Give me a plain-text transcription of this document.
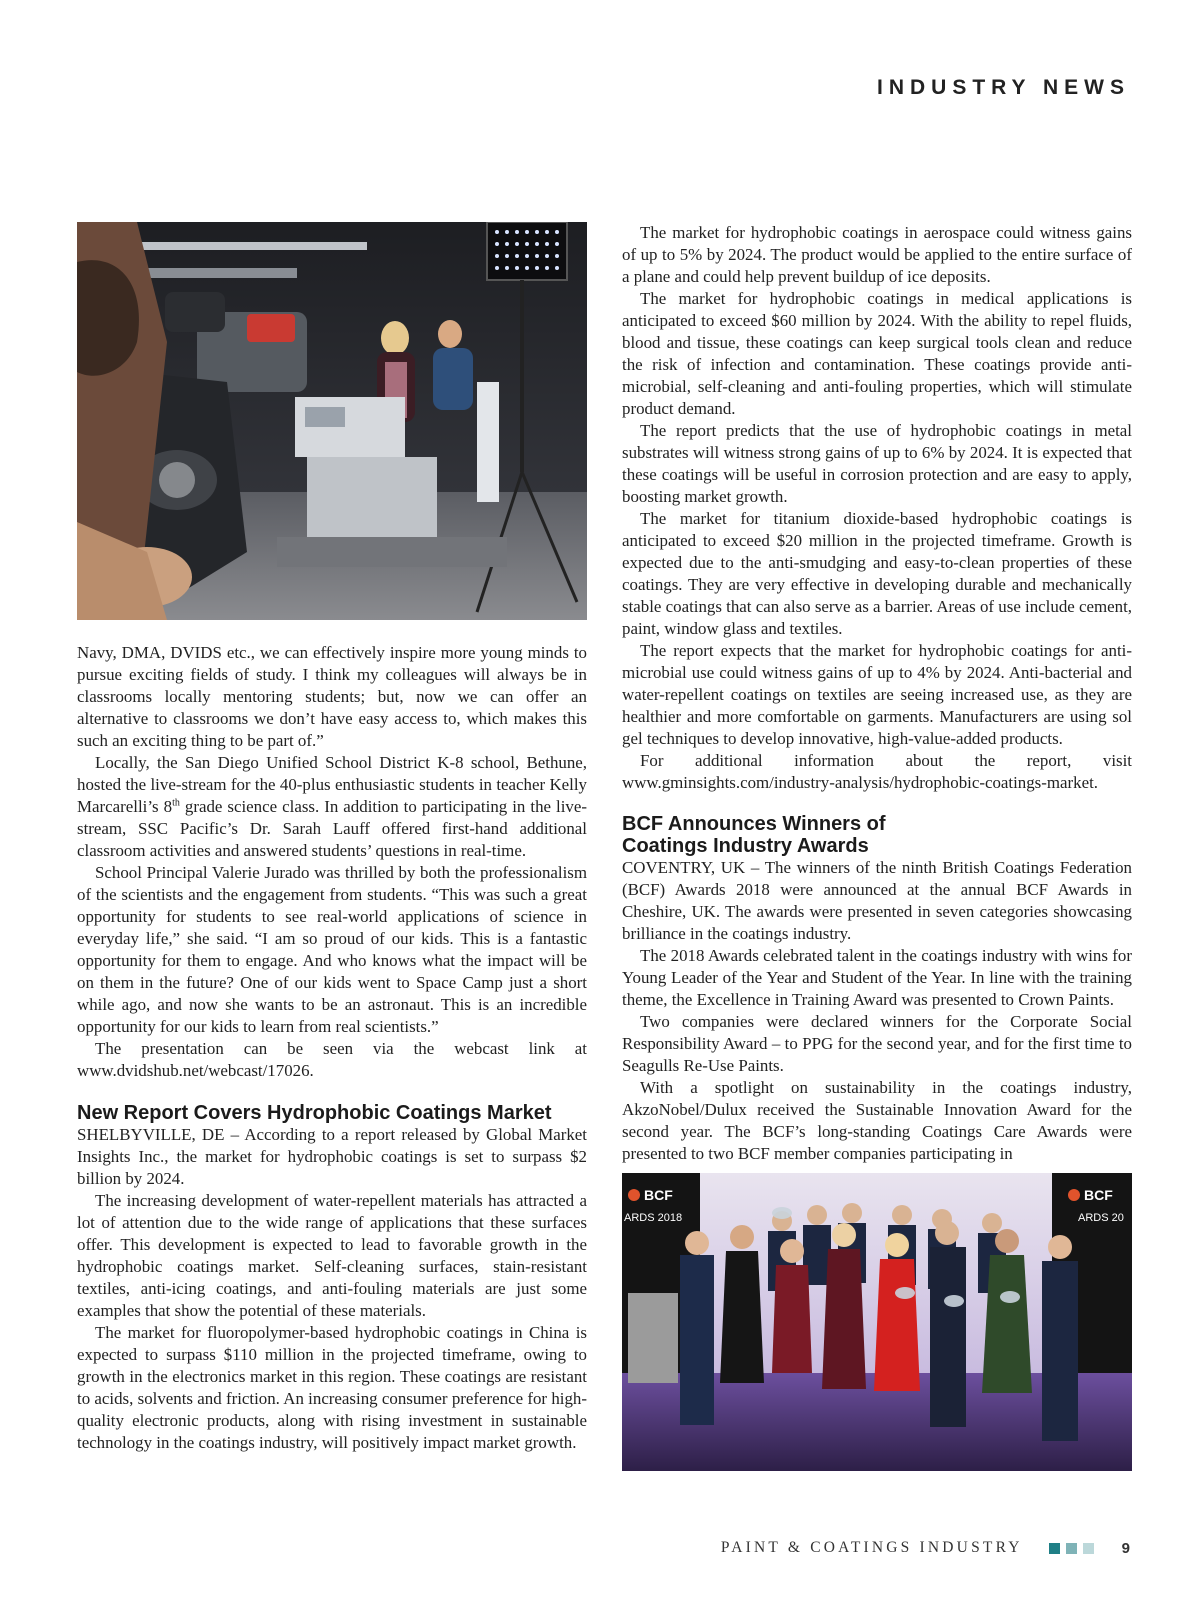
INDUSTRY NEWS

Navy, DMA, DVIDS etc., we can effectively inspire more young minds to pursue exciting fields of study. I think my colleagues will always be in classrooms locally mentoring students; but, now we can offer an alternative to classrooms we don’t have easy access to, which makes this such an exciting thing to be part of.”

Locally, the San Diego Unified School District K-8 school, Bethune, hosted the live-stream for the 40-plus enthusiastic students in teacher Kelly Marcarelli’s 8th grade science class. In addition to participating in the live-stream, SSC Pacific’s Dr. Sarah Lauff offered first-hand additional classroom activities and answered students’ questions in real-time.

School Principal Valerie Jurado was thrilled by both the professionalism of the scientists and the engagement from students. “This was such a great opportunity for students to see real-world applications of science in everyday life,” she said. “I am so proud of our kids. This is a fantastic opportunity for them to engage. And who knows what the impact will be on them in the future? One of our kids went to Space Camp just a short while ago, and now she wants to be an astronaut. This is an incredible opportunity for our kids to learn from real scientists.”

The presentation can be seen via the webcast link at www.dvidshub.net/webcast/17026.

New Report Covers Hydrophobic Coatings Market

SHELBYVILLE, DE – According to a report released by Global Market Insights Inc., the market for hydrophobic coatings is set to surpass $2 billion by 2024.

The increasing development of water-repellent materials has attracted a lot of attention due to the wide range of applications that these surfaces offer. This development is expected to lead to favorable growth in the hydrophobic coatings market. Self-cleaning surfaces, stain-resistant textiles, anti-icing coatings, and anti-fouling materials are just some examples that show the potential of these materials.

The market for fluoropolymer-based hydrophobic coatings in China is expected to surpass $110 million in the projected timeframe, owing to growth in the electronics market in this region. These coatings are resistant to acids, solvents and friction. An increasing consumer preference for high-quality electronic products, along with rising investment in sustainable technology in the coatings industry, will positively impact market growth.

The market for hydrophobic coatings in aerospace could witness gains of up to 5% by 2024. The product would be applied to the entire surface of a plane and could help prevent buildup of ice deposits.

The market for hydrophobic coatings in medical applications is anticipated to exceed $60 million by 2024. With the ability to repel fluids, blood and tissue, these coatings can keep surgical tools clean and reduce the risk of infection and contamination. These coatings provide anti-microbial, self-cleaning and anti-fouling properties, which will stimulate product demand.

The report predicts that the use of hydrophobic coatings in metal substrates will witness strong gains of up to 6% by 2024. It is expected that these coatings will be useful in corrosion protection and are easy to apply, boosting market growth.

The market for titanium dioxide-based hydrophobic coatings is anticipated to exceed $20 million in the projected timeframe. Growth is expected due to the anti-smudging and easy-to-clean properties of these coatings. They are very effective in developing durable and mechanically stable coatings that can also serve as a barrier. Areas of use include cement, paint, window glass and textiles.

The report expects that the market for hydrophobic coatings for anti-microbial use could witness gains of up to 4% by 2024. Anti-bacterial and water-repellent coatings on textiles are seeing increased use, as they are healthier and more comfortable on garments. Manufacturers are using sol gel techniques to develop innovative, high-value-added products.

For additional information about the report, visit www.gminsights.com/industry-analysis/hydrophobic-coatings-market.

BCF Announces Winners of
Coatings Industry Awards

COVENTRY, UK – The winners of the ninth British Coatings Federation (BCF) Awards 2018 were announced at the annual BCF Awards in Cheshire, UK. The awards were presented in seven categories showcasing brilliance in the coatings industry.

The 2018 Awards celebrated talent in the coatings industry with wins for Young Leader of the Year and Student of the Year. In line with the training theme, the Excellence in Training Award was presented to Crown Paints.

Two companies were declared winners for the Corporate Social Responsibility Award – to PPG for the second year, and for the first time to Seagulls Re-Use Paints.

With a spotlight on sustainability in the coatings industry, AkzoNobel/Dulux received the Sustainable Innovation Award for the second year. The BCF’s long-standing Coatings Care Awards were presented to two BCF member companies participating in

BCF
ARDS 2018
BCF
ARDS 20
PAINT & COATINGS INDUSTRY	9
